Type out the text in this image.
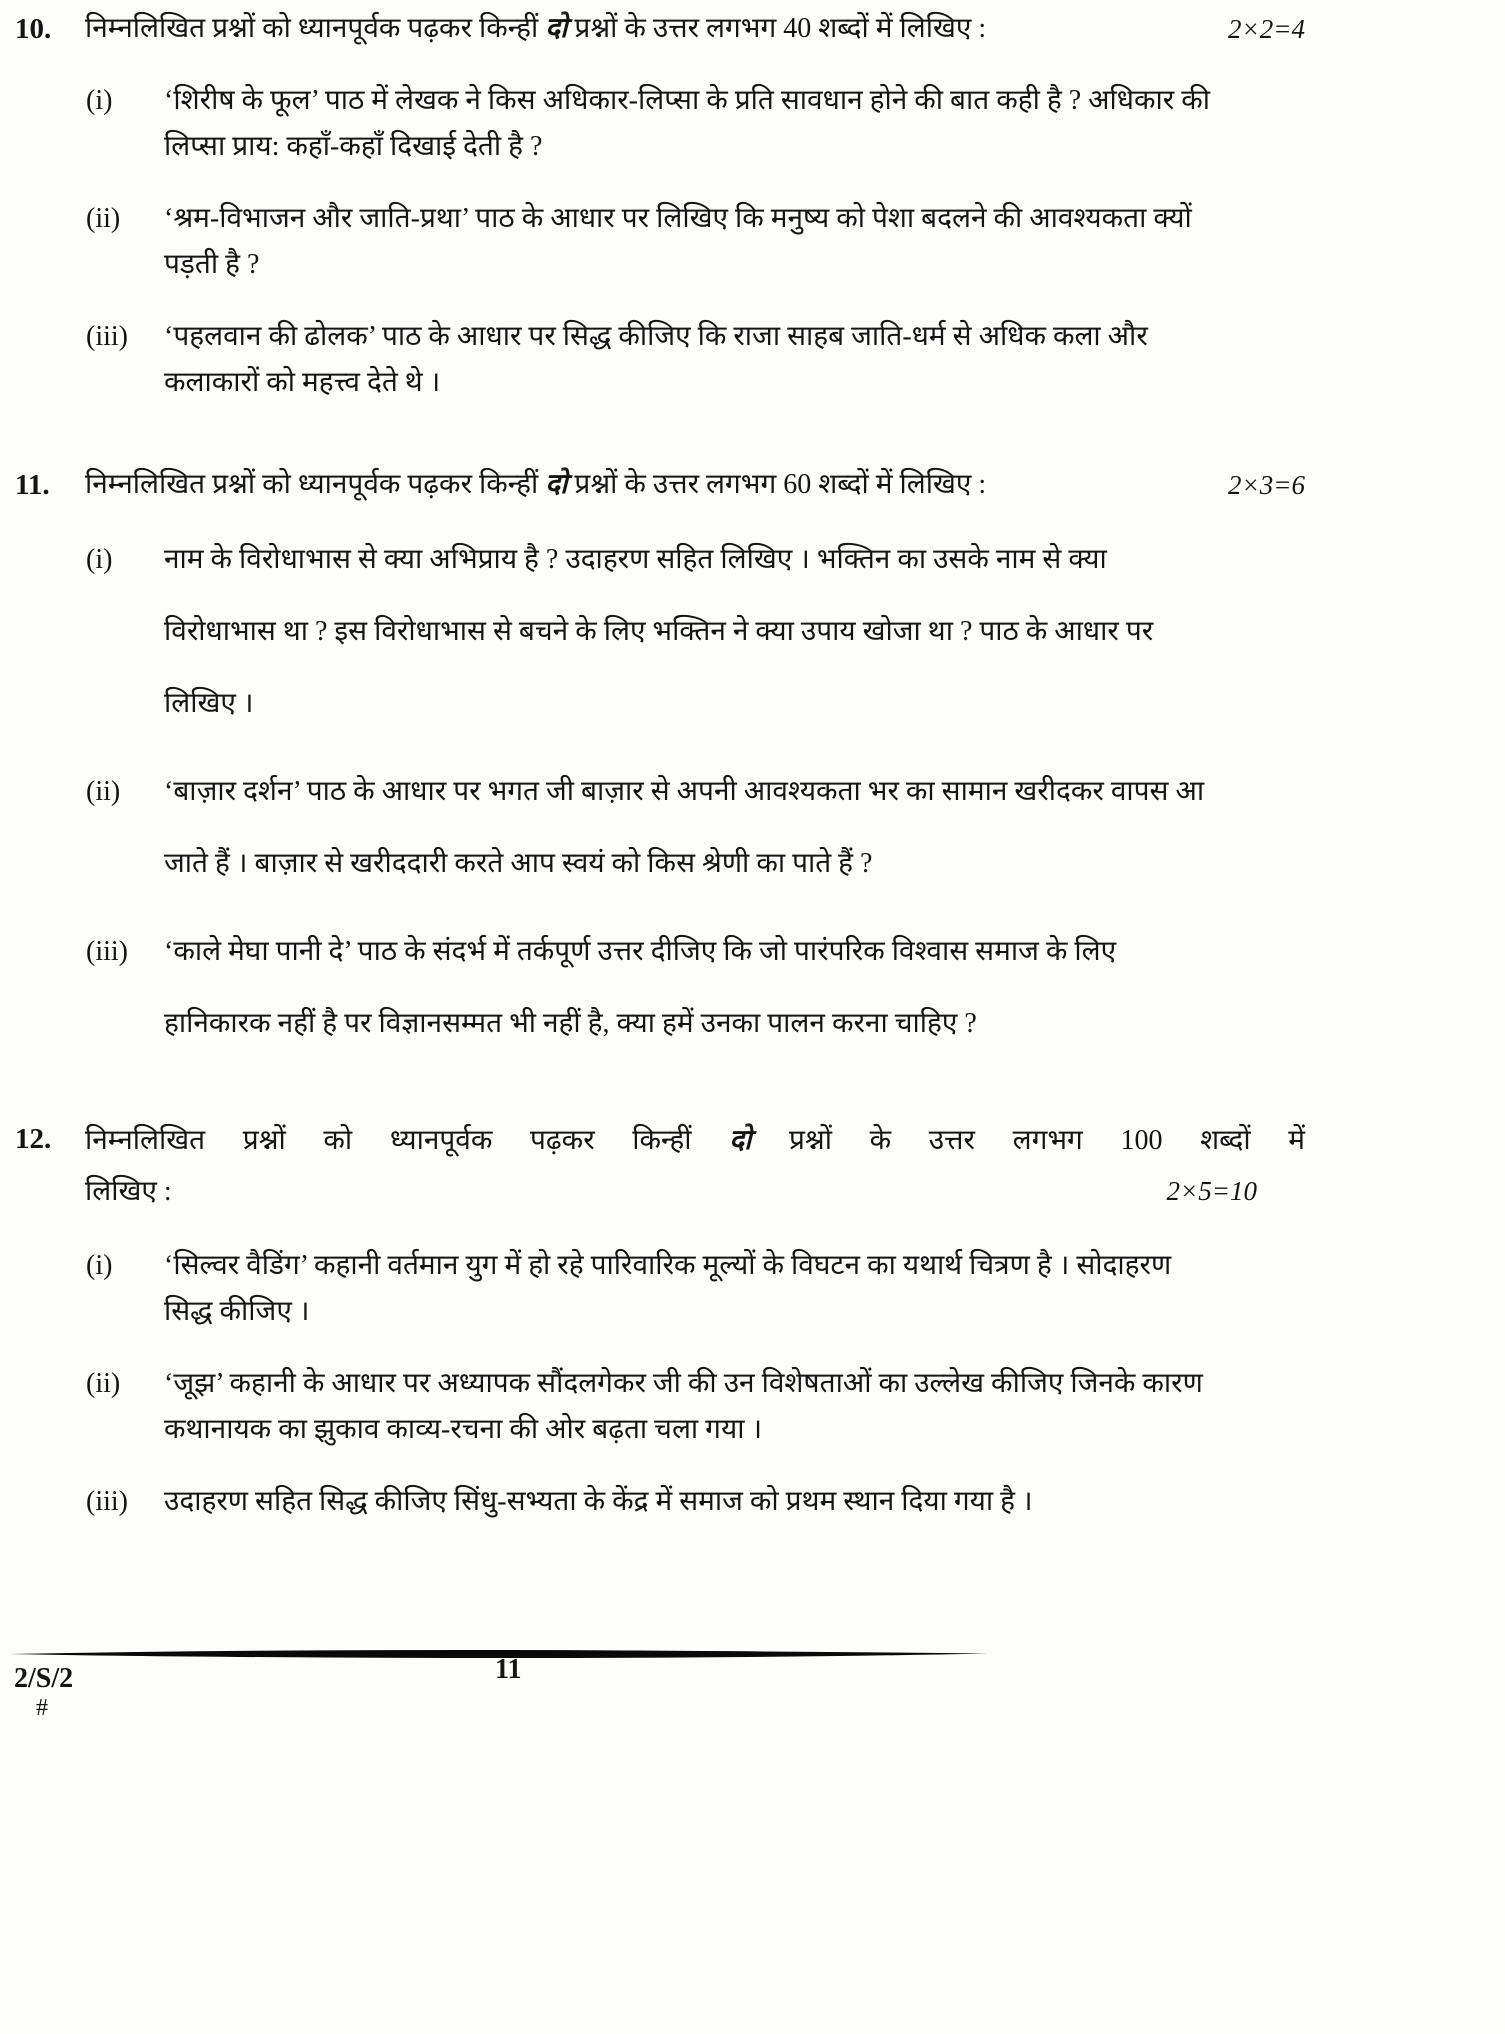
10.	निम्नलिखित प्रश्नों को ध्यानपूर्वक पढ़कर किन्हीं दो प्रश्नों के उत्तर लगभग 40 शब्दों में लिखिए :	2×2=4
(i)	‘शिरीष के फूल’ पाठ में लेखक ने किस अधिकार-लिप्सा के प्रति सावधान होने की बात कही है ? अधिकार की लिप्सा प्राय: कहाँ-कहाँ दिखाई देती है ?
(ii)	‘श्रम-विभाजन और जाति-प्रथा’ पाठ के आधार पर लिखिए कि मनुष्य को पेशा बदलने की आवश्यकता क्यों पड़ती है ?
(iii)	‘पहलवान की ढोलक’ पाठ के आधार पर सिद्ध कीजिए कि राजा साहब जाति-धर्म से अधिक कला और कलाकारों को महत्त्व देते थे ।
11.	निम्नलिखित प्रश्नों को ध्यानपूर्वक पढ़कर किन्हीं दो प्रश्नों के उत्तर लगभग 60 शब्दों में लिखिए :	2×3=6
(i)	नाम के विरोधाभास से क्या अभिप्राय है ? उदाहरण सहित लिखिए । भक्तिन का उसके नाम से क्या विरोधाभास था ? इस विरोधाभास से बचने के लिए भक्तिन ने क्या उपाय खोजा था ? पाठ के आधार पर लिखिए ।
(ii)	‘बाज़ार दर्शन’ पाठ के आधार पर भगत जी बाज़ार से अपनी आवश्यकता भर का सामान खरीदकर वापस आ जाते हैं । बाज़ार से खरीददारी करते आप स्वयं को किस श्रेणी का पाते हैं ?
(iii)	‘काले मेघा पानी दे’ पाठ के संदर्भ में तर्कपूर्ण उत्तर दीजिए कि जो पारंपरिक विश्वास समाज के लिए हानिकारक नहीं है पर विज्ञानसम्मत भी नहीं है, क्या हमें उनका पालन करना चाहिए ?
12.	निम्नलिखित प्रश्नों को ध्यानपूर्वक पढ़कर किन्हीं दो प्रश्नों के उत्तर लगभग 100 शब्दों में
लिखिए :	2×5=10
(i)	‘सिल्वर वैडिंग’ कहानी वर्तमान युग में हो रहे पारिवारिक मूल्यों के विघटन का यथार्थ चित्रण है । सोदाहरण सिद्ध कीजिए ।
(ii)	‘जूझ’ कहानी के आधार पर अध्यापक सौंदलगेकर जी की उन विशेषताओं का उल्लेख कीजिए जिनके कारण कथानायक का झुकाव काव्य-रचना की ओर बढ़ता चला गया ।
(iii)	उदाहरण सहित सिद्ध कीजिए सिंधु-सभ्यता के केंद्र में समाज को प्रथम स्थान दिया गया है ।
2/S/2
#
11
